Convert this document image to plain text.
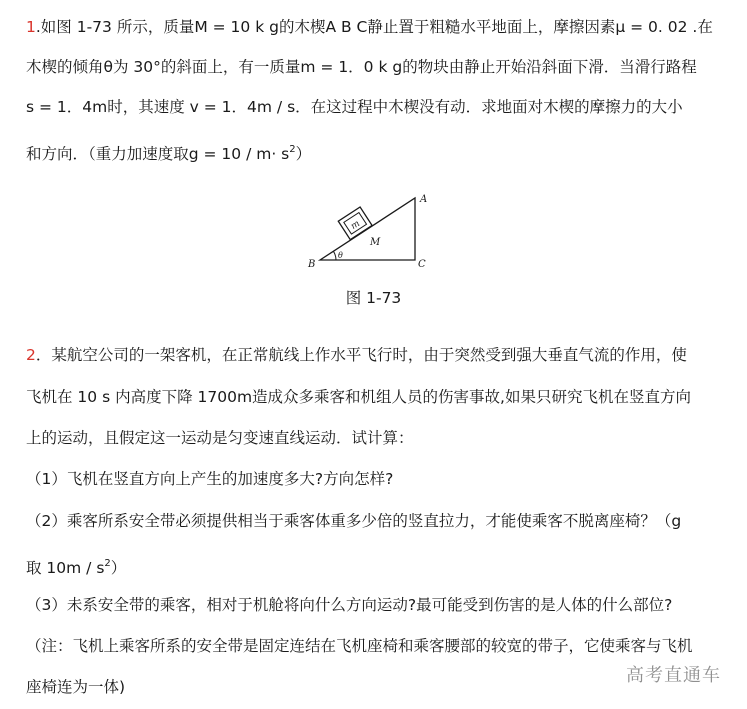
1.如图 1-73 所示，质量M = 10 k g的木楔A B C静止置于粗糙水平地面上，摩擦因素μ = 0. 02 .在
木楔的倾角θ为 30°的斜面上，有一质量m = 1．0 k g的物块由静止开始沿斜面下滑．当滑行路程
s = 1．4m时，其速度 v = 1．4m / s．在这过程中木楔没有动．求地面对木楔的摩擦力的大小
和方向．（重力加速度取$g = 10 / m\cdot s^2$）
m
A
B	C
M
θ
图 1-73
2．某航空公司的一架客机，在正常航线上作水平飞行时，由于突然受到强大垂直气流的作用，使
飞机在 10 s 内高度下降 1700m造成众多乘客和机组人员的伤害事故,如果只研究飞机在竖直方向
上的运动，且假定这一运动是匀变速直线运动．试计算：
（1）飞机在竖直方向上产生的加速度多大?方向怎样?
（2）乘客所系安全带必须提供相当于乘客体重多少倍的竖直拉力，才能使乘客不脱离座椅？（g
取 $10m / s^2$）
（3）未系安全带的乘客，相对于机舱将向什么方向运动?最可能受到伤害的是人体的什么部位?
（注：飞机上乘客所系的安全带是固定连结在飞机座椅和乘客腰部的较宽的带子，它使乘客与飞机
座椅连为一体)
高考直通车
